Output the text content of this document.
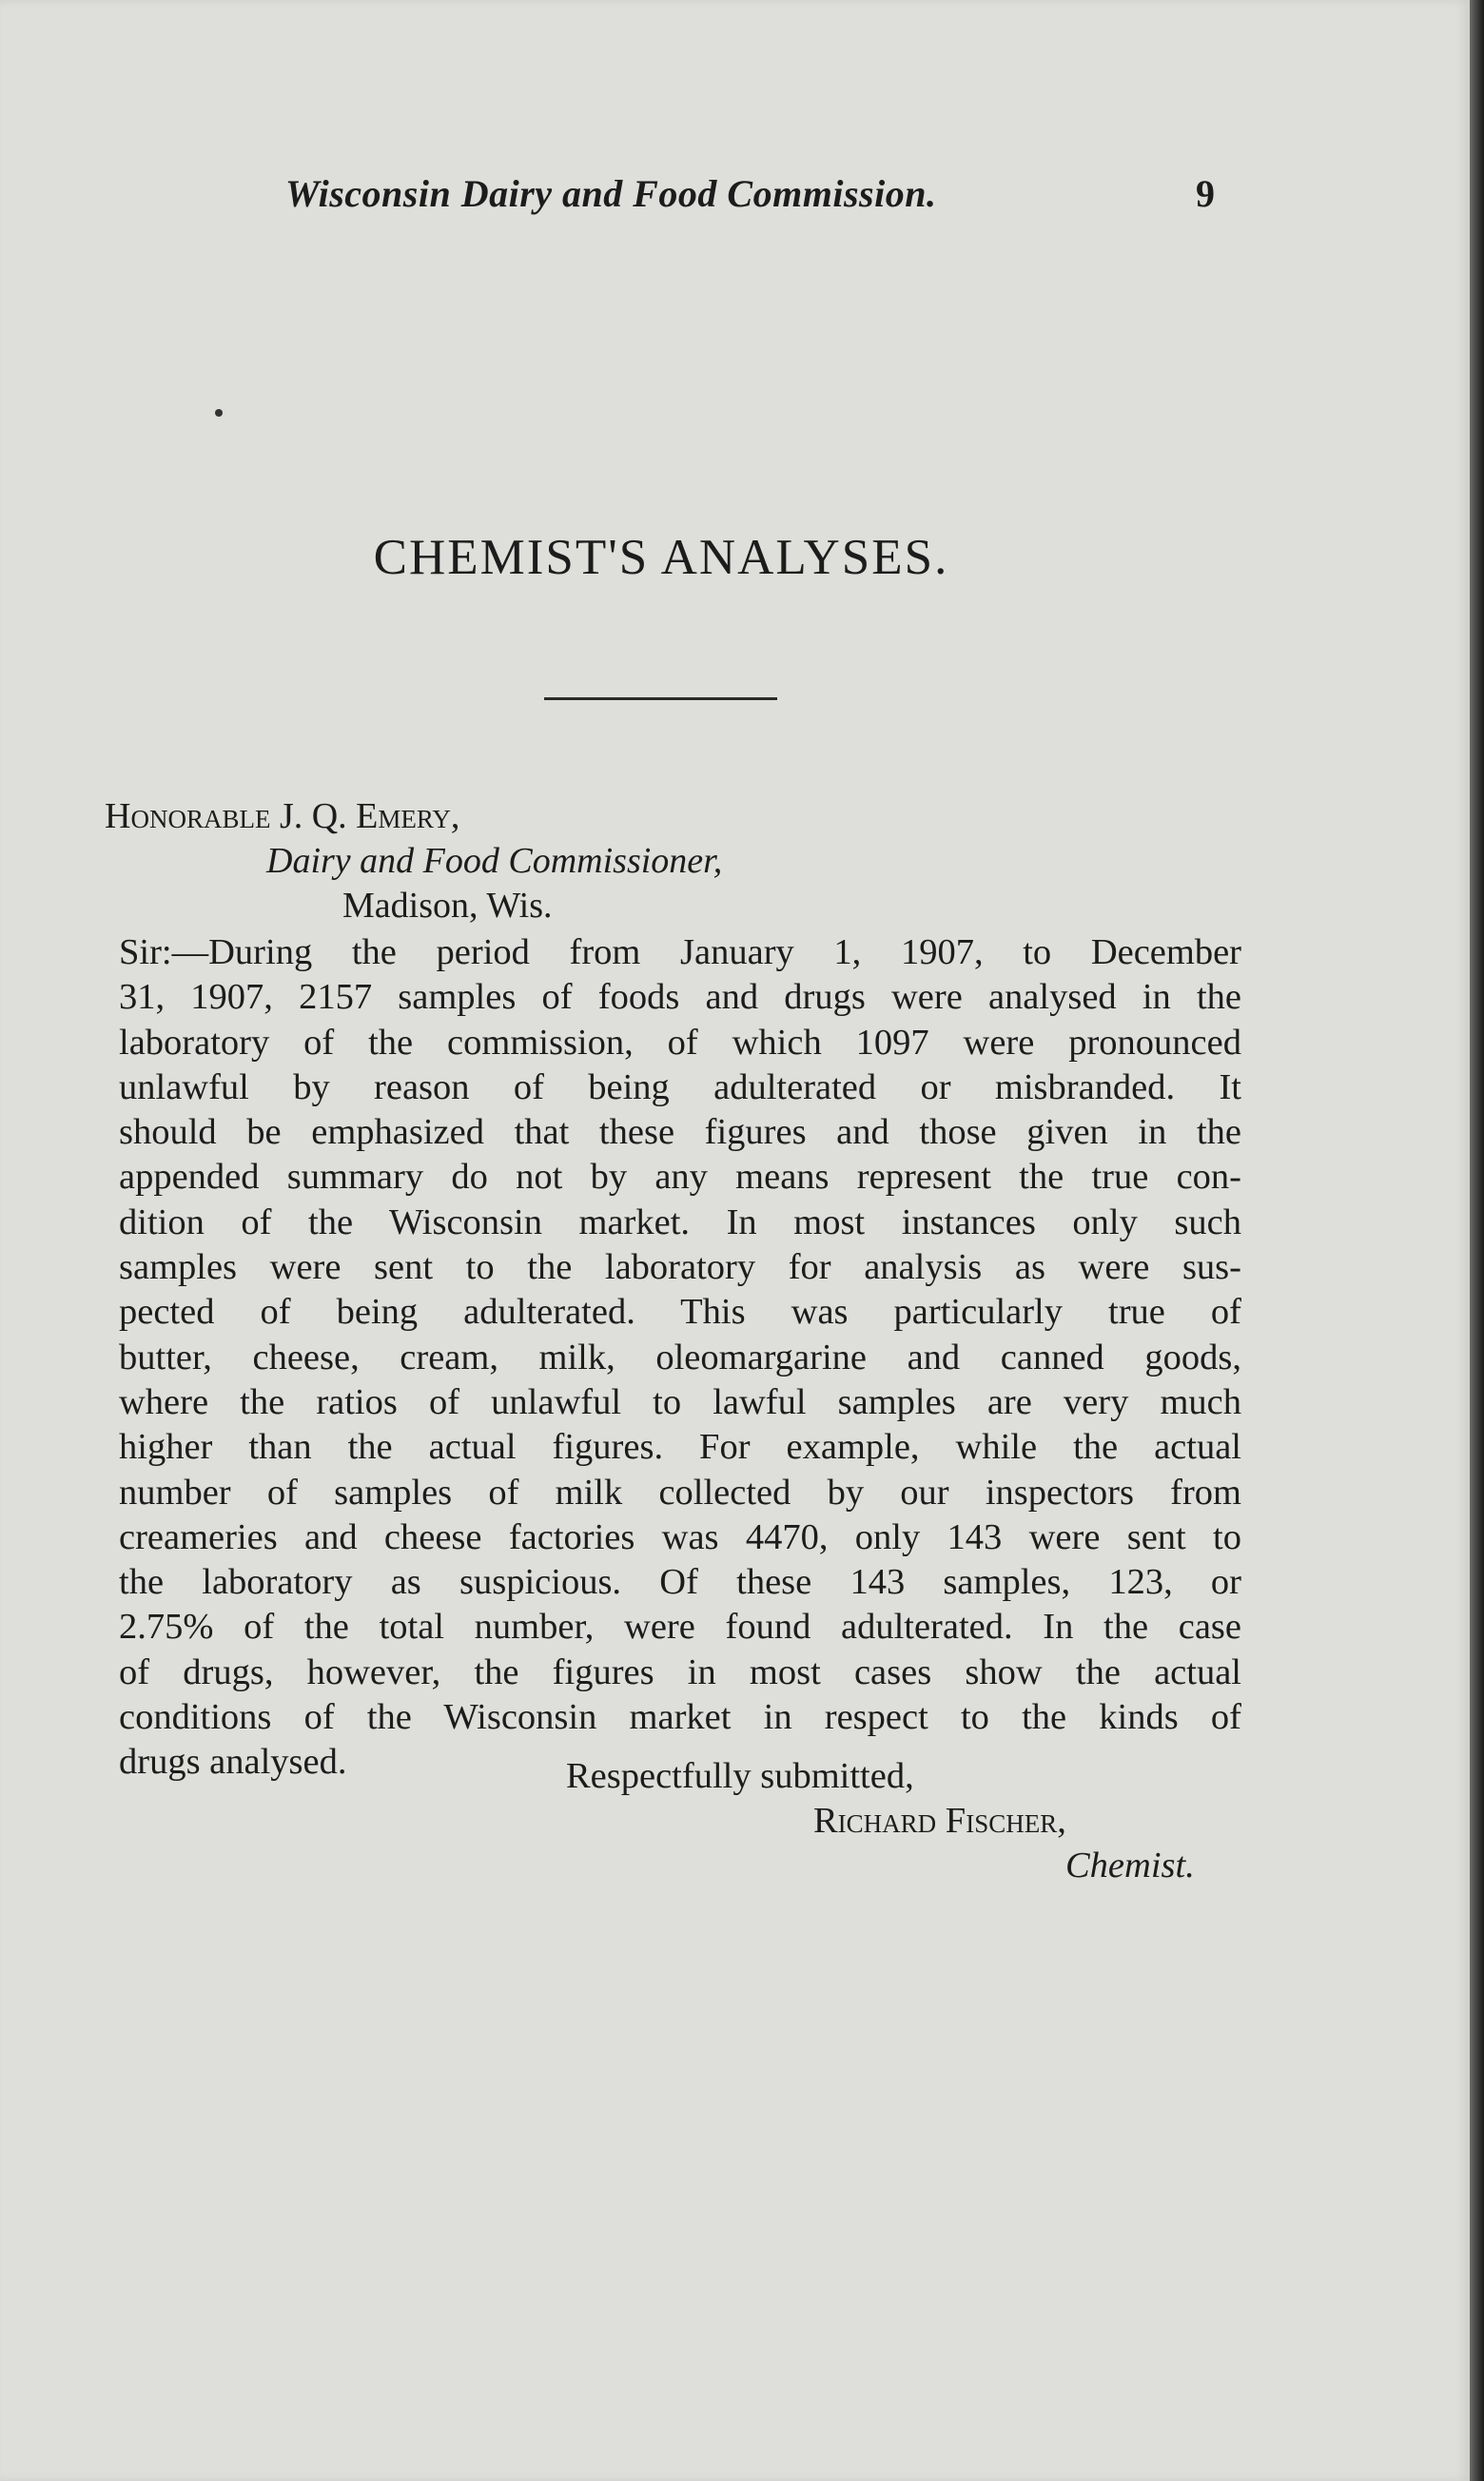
Wisconsin Dairy and Food Commission.	9
CHEMIST'S ANALYSES.
Honorable J. Q. Emery,
Dairy and Food Commissioner,
Madison, Wis.
Sir:—During the period from January 1, 1907, to December
31, 1907, 2157 samples of foods and drugs were analysed in the
laboratory of the commission, of which 1097 were pronounced
unlawful by reason of being adulterated or misbranded. It
should be emphasized that these figures and those given in the
appended summary do not by any means represent the true con-
dition of the Wisconsin market. In most instances only such
samples were sent to the laboratory for analysis as were sus-
pected of being adulterated. This was particularly true of
butter, cheese, cream, milk, oleomargarine and canned goods,
where the ratios of unlawful to lawful samples are very much
higher than the actual figures. For example, while the actual
number of samples of milk collected by our inspectors from
creameries and cheese factories was 4470, only 143 were sent to
the laboratory as suspicious. Of these 143 samples, 123, or
2.75% of the total number, were found adulterated. In the case
of drugs, however, the figures in most cases show the actual
conditions of the Wisconsin market in respect to the kinds of
drugs analysed.	Respectfully submitted,
Richard Fischer,
Chemist.
